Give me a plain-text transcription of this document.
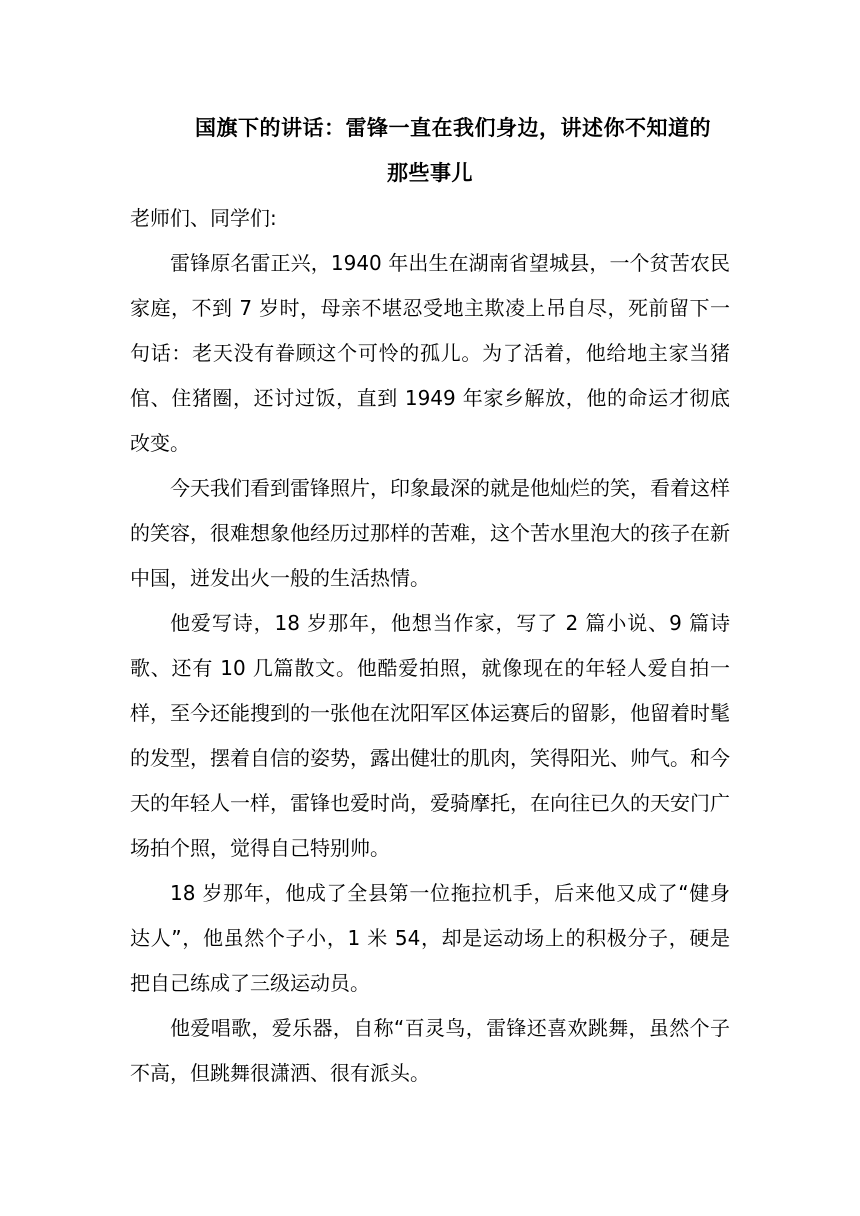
国旗下的讲话：雷锋一直在我们身边，讲述你不知道的
那些事儿

老师们、同学们:

雷锋原名雷正兴，1940 年出生在湖南省望城县，一个贫苦农民家庭，不到 7 岁时，母亲不堪忍受地主欺凌上吊自尽，死前留下一句话：老天没有眷顾这个可怜的孤儿。为了活着，他给地主家当猪倌、住猪圈，还讨过饭，直到 1949 年家乡解放，他的命运才彻底改变。

今天我们看到雷锋照片，印象最深的就是他灿烂的笑，看着这样的笑容，很难想象他经历过那样的苦难，这个苦水里泡大的孩子在新中国，迸发出火一般的生活热情。

他爱写诗，18 岁那年，他想当作家，写了 2 篇小说、9 篇诗歌、还有 10 几篇散文。他酷爱拍照，就像现在的年轻人爱自拍一样，至今还能搜到的一张他在沈阳军区体运赛后的留影，他留着时髦的发型，摆着自信的姿势，露出健壮的肌肉，笑得阳光、帅气。和今天的年轻人一样，雷锋也爱时尚，爱骑摩托，在向往已久的天安门广场拍个照，觉得自己特别帅。

18 岁那年，他成了全县第一位拖拉机手，后来他又成了“健身达人”，他虽然个子小，1 米 54，却是运动场上的积极分子，硬是把自己练成了三级运动员。

他爱唱歌，爱乐器，自称“百灵鸟，雷锋还喜欢跳舞，虽然个子不高，但跳舞很潇洒、很有派头。
